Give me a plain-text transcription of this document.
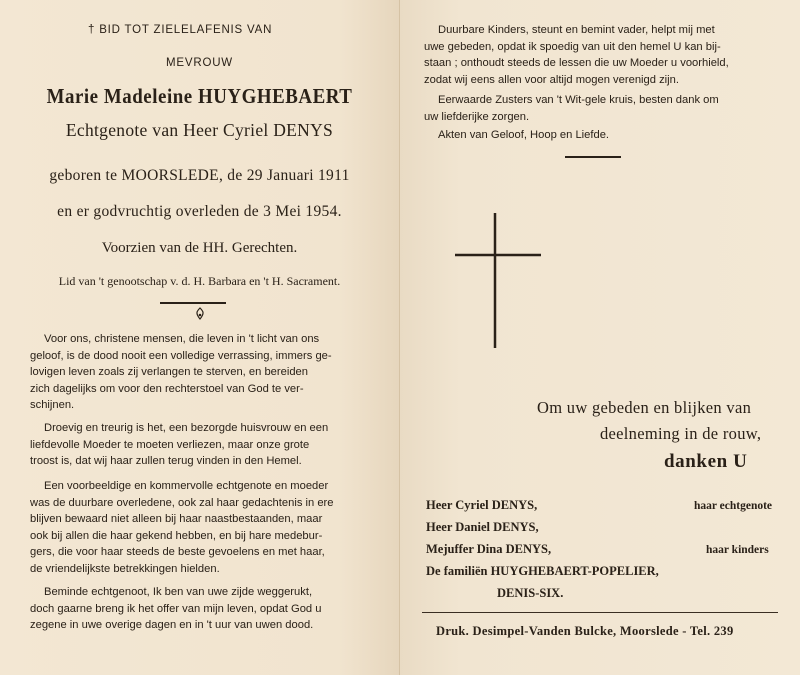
† BID TOT ZIELELAFENIS VAN
MEVROUW
Marie Madeleine HUYGHEBAERT
Echtgenote van Heer Cyriel DENYS
geboren te MOORSLEDE, de 29 Januari 1911
en er godvruchtig overleden de 3 Mei 1954.
Voorzien van de HH. Gerechten.
Lid van 't genootschap v. d. H. Barbara en 't H. Sacrament.
Voor ons, christene mensen, die leven in 't licht van ons
geloof, is de dood nooit een volledige verrassing, immers ge-
lovigen leven zoals zij verlangen te sterven, en bereiden
zich dagelijks om voor den rechterstoel van God te ver-
schijnen.
Droevig en treurig is het, een bezorgde huisvrouw en een
liefdevolle Moeder te moeten verliezen, maar onze grote
troost is, dat wij haar zullen terug vinden in den Hemel.
Een voorbeeldige en kommervolle echtgenote en moeder
was de duurbare overledene, ook zal haar gedachtenis in ere
blijven bewaard niet alleen bij haar naastbestaanden, maar
ook bij allen die haar gekend hebben, en bij hare medebur-
gers, die voor haar steeds de beste gevoelens en met haar,
de vriendelijkste betrekkingen hielden.
Beminde echtgenoot, Ik ben van uwe zijde weggerukt,
doch gaarne breng ik het offer van mijn leven, opdat God u
zegene in uwe overige dagen en in 't uur van uwen dood.
Duurbare Kinders, steunt en bemint vader, helpt mij met
uwe gebeden, opdat ik spoedig van uit den hemel U kan bij-
staan ; onthoudt steeds de lessen die uw Moeder u voorhield,
zodat wij eens allen voor altijd mogen verenigd zijn.
Eerwaarde Zusters van 't Wit-gele kruis, besten dank om
uw liefderijke zorgen.
Akten van Geloof, Hoop en Liefde.
Om uw gebeden en blijken van
deelneming in de rouw,
danken U
Heer Cyriel DENYS,	haar echtgenote
Heer Daniel DENYS,
Mejuffer Dina DENYS,	haar kinders
De familiën HUYGHEBAERT-POPELIER,
DENIS-SIX.
Druk. Desimpel-Vanden Bulcke, Moorslede - Tel. 239
